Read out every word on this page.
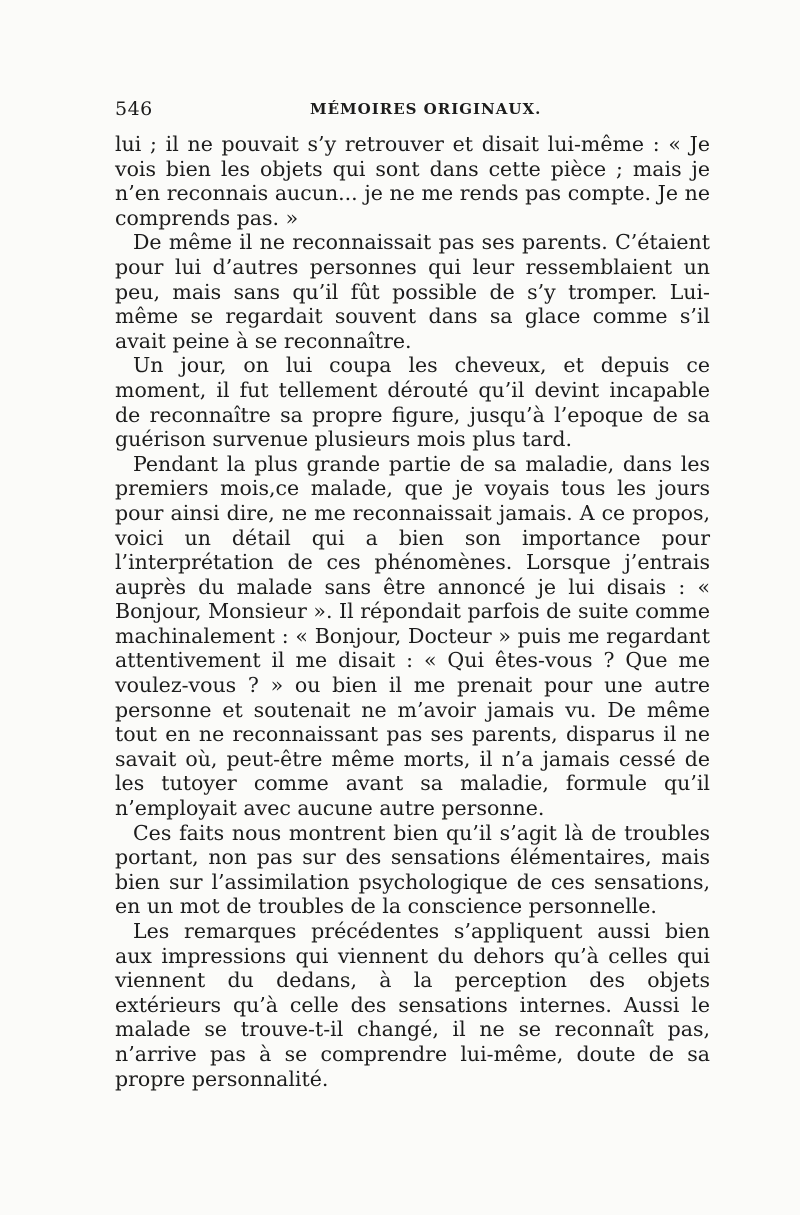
546	MÉMOIRES ORIGINAUX.

lui ; il ne pouvait s’y retrouver et disait lui-même : « Je vois bien les objets qui sont dans cette pièce ; mais je n’en reconnais aucun... je ne me rends pas compte. Je ne comprends pas. »

De même il ne reconnaissait pas ses parents. C’étaient pour lui d’autres personnes qui leur ressemblaient un peu, mais sans qu’il fût possible de s’y tromper. Lui-même se regardait souvent dans sa glace comme s’il avait peine à se reconnaître.

Un jour, on lui coupa les cheveux, et depuis ce moment, il fut tellement dérouté qu’il devint incapable de reconnaître sa propre figure, jusqu’à l’epoque de sa guérison survenue plusieurs mois plus tard.

Pendant la plus grande partie de sa maladie, dans les premiers mois,ce malade, que je voyais tous les jours pour ainsi dire, ne me reconnaissait jamais. A ce propos, voici un détail qui a bien son importance pour l’interprétation de ces phénomènes. Lorsque j’entrais auprès du malade sans être annoncé je lui disais : « Bonjour, Monsieur ». Il répondait parfois de suite comme machinalement : « Bonjour, Docteur » puis me regardant attentivement il me disait : « Qui êtes-vous ? Que me voulez-vous ? » ou bien il me prenait pour une autre personne et soutenait ne m’avoir jamais vu. De même tout en ne reconnaissant pas ses parents, disparus il ne savait où, peut-être même morts, il n’a jamais cessé de les tutoyer comme avant sa maladie, formule qu’il n’employait avec aucune autre personne.

Ces faits nous montrent bien qu’il s’agit là de troubles portant, non pas sur des sensations élémentaires, mais bien sur l’assimilation psychologique de ces sensations, en un mot de troubles de la conscience personnelle.

Les remarques précédentes s’appliquent aussi bien aux impressions qui viennent du dehors qu’à celles qui viennent du dedans, à la perception des objets extérieurs qu’à celle des sensations internes. Aussi le malade se trouve-t-il changé, il ne se reconnaît pas, n’arrive pas à se comprendre lui-même, doute de sa propre personnalité.
